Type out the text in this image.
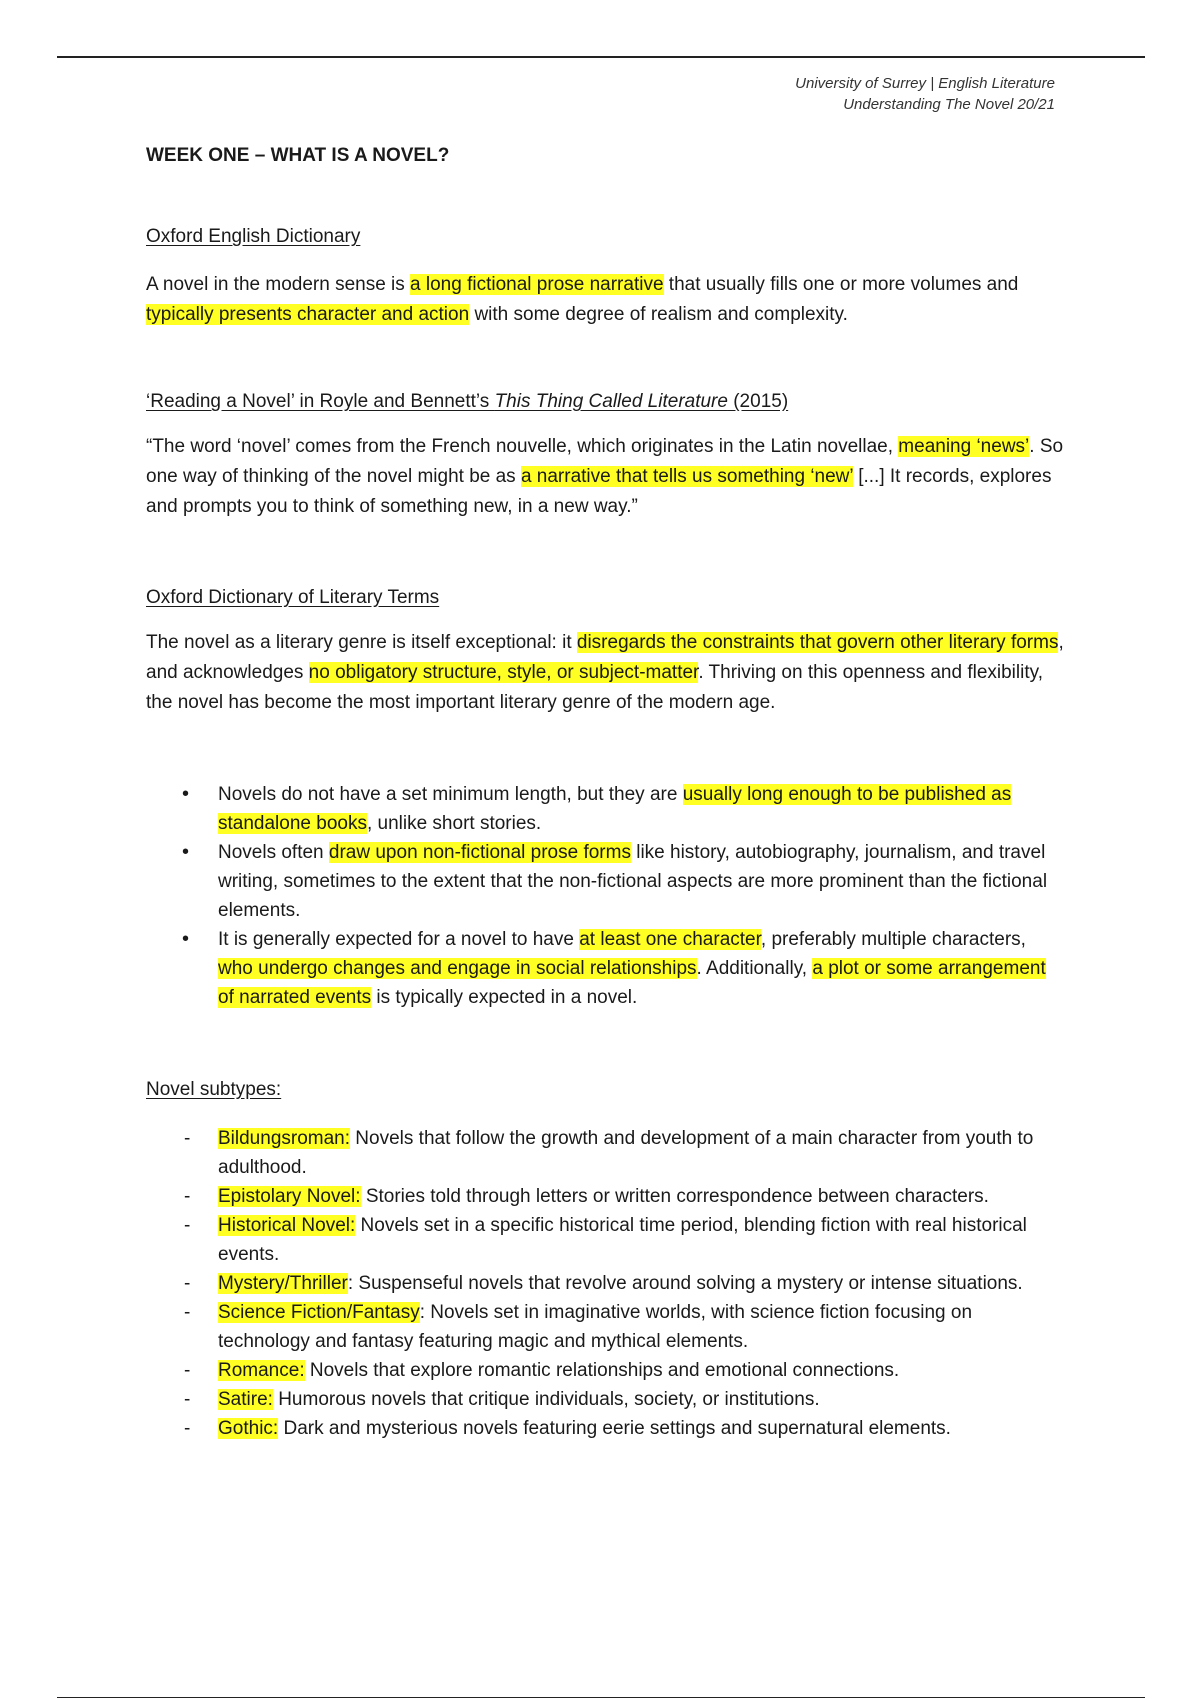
University of Surrey | English Literature
Understanding The Novel 20/21
WEEK ONE – WHAT IS A NOVEL?
Oxford English Dictionary
A novel in the modern sense is a long fictional prose narrative that usually fills one or more volumes and typically presents character and action with some degree of realism and complexity.
‘Reading a Novel’ in Royle and Bennett’s This Thing Called Literature (2015)
“The word ‘novel’ comes from the French nouvelle, which originates in the Latin novellae, meaning ‘news’. So one way of thinking of the novel might be as a narrative that tells us something ‘new’ [...] It records, explores and prompts you to think of something new, in a new way.”
Oxford Dictionary of Literary Terms
The novel as a literary genre is itself exceptional: it disregards the constraints that govern other literary forms, and acknowledges no obligatory structure, style, or subject-matter. Thriving on this openness and flexibility, the novel has become the most important literary genre of the modern age.
• Novels do not have a set minimum length, but they are usually long enough to be published as standalone books, unlike short stories.
• Novels often draw upon non-fictional prose forms like history, autobiography, journalism, and travel writing, sometimes to the extent that the non-fictional aspects are more prominent than the fictional elements.
• It is generally expected for a novel to have at least one character, preferably multiple characters, who undergo changes and engage in social relationships. Additionally, a plot or some arrangement of narrated events is typically expected in a novel.
Novel subtypes:
- Bildungsroman: Novels that follow the growth and development of a main character from youth to adulthood.
- Epistolary Novel: Stories told through letters or written correspondence between characters.
- Historical Novel: Novels set in a specific historical time period, blending fiction with real historical events.
- Mystery/Thriller: Suspenseful novels that revolve around solving a mystery or intense situations.
- Science Fiction/Fantasy: Novels set in imaginative worlds, with science fiction focusing on technology and fantasy featuring magic and mythical elements.
- Romance: Novels that explore romantic relationships and emotional connections.
- Satire: Humorous novels that critique individuals, society, or institutions.
- Gothic: Dark and mysterious novels featuring eerie settings and supernatural elements.
